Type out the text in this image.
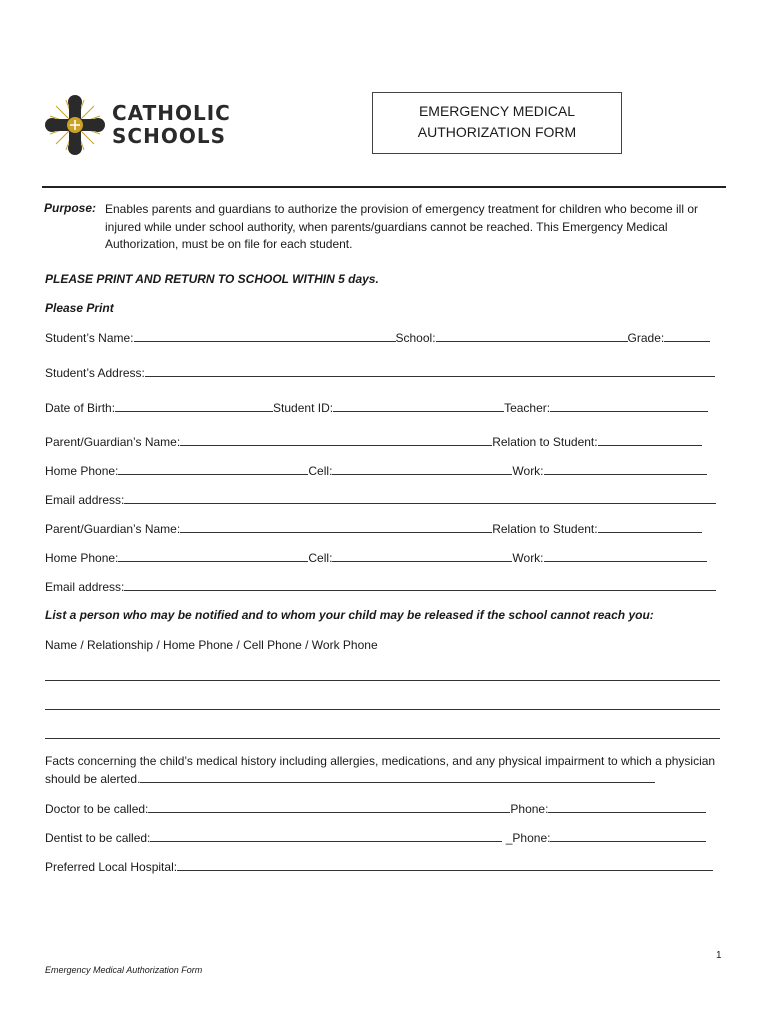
CATHOLIC
SCHOOLS
EMERGENCY MEDICAL
AUTHORIZATION FORM
Purpose: Enables parents and guardians to authorize the provision of emergency treatment for children who become ill or injured while under school authority, when parents/guardians cannot be reached. This Emergency Medical Authorization, must be on file for each student.
PLEASE PRINT AND RETURN TO SCHOOL WITHIN 5 days.
Please Print
Student’s Name:	School:	Grade:
Student’s Address:
Date of Birth:	Student ID:	Teacher:
Parent/Guardian’s Name:	Relation to Student:
Home Phone:	Cell:	Work:
Email address:
Parent/Guardian’s Name:	Relation to Student:
Home Phone:	Cell:	Work:
Email address:
List a person who may be notified and to whom your child may be released if the school cannot reach you:
Name / Relationship / Home Phone / Cell Phone / Work Phone
Facts concerning the child’s medical history including allergies, medications, and any physical impairment to which a physician should be alerted.
Doctor to be called:	Phone:
Dentist to be called:	_Phone:
Preferred Local Hospital:
1
Emergency Medical Authorization Form
